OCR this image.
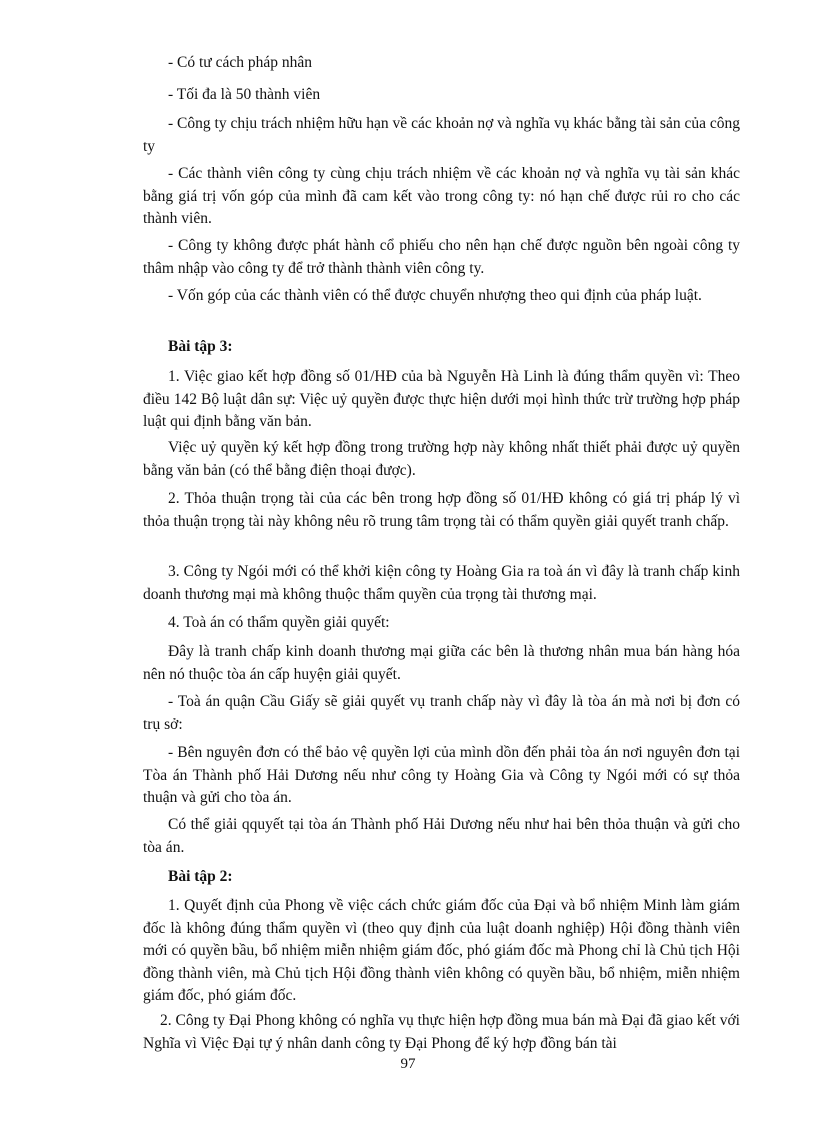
- Có tư cách pháp nhân

- Tối đa là 50 thành viên

- Công ty chịu trách nhiệm hữu hạn về các khoản nợ và nghĩa vụ khác bằng tài sản của công ty

- Các thành viên công ty cùng chịu trách nhiệm về các khoản nợ và nghĩa vụ tài sản khác bằng giá trị vốn góp của mình đã cam kết vào trong công ty: nó hạn chế được rủi ro cho các thành viên.

- Công ty không được phát hành cổ phiếu cho nên hạn chế được nguồn bên ngoài công ty thâm nhập vào công ty để trở thành thành viên công ty.

- Vốn góp của các thành viên có thể được chuyển nhượng theo qui định của pháp luật.

Bài tập 3:

1. Việc giao kết hợp đồng số 01/HĐ của bà Nguyễn Hà Linh là đúng thẩm quyền vì: Theo điều 142 Bộ luật dân sự: Việc uỷ quyền được thực hiện dưới mọi hình thức trừ trường hợp pháp luật qui định bằng văn bản.

Việc uỷ quyền ký kết hợp đồng trong trường hợp này không nhất thiết phải được uỷ quyền bằng văn bản (có thể bằng điện thoại được).

2. Thỏa thuận trọng tài của các bên trong hợp đồng số 01/HĐ không có giá trị pháp lý vì thỏa thuận trọng tài này không nêu rõ trung tâm trọng tài có thẩm quyền giải quyết tranh chấp.

3. Công ty Ngói mới có thể khởi kiện công ty Hoàng Gia ra toà án vì đây là tranh chấp kinh doanh thương mại mà không thuộc thẩm quyền của trọng tài thương mại.

4. Toà án có thẩm quyền giải quyết:

Đây là tranh chấp kinh doanh thương mại giữa các bên là thương nhân mua bán hàng hóa nên nó thuộc tòa án cấp huyện giải quyết.

- Toà án quận Cầu Giấy sẽ giải quyết vụ tranh chấp này vì đây là tòa án mà nơi bị đơn có trụ sở:

- Bên nguyên đơn có thể bảo vệ quyền lợi của mình dồn đến phải tòa án nơi nguyên đơn tại Tòa án Thành phố Hải Dương nếu như công ty Hoàng Gia và Công ty Ngói mới có sự thỏa thuận và gửi cho tòa án.

Có thể giải qquyết tại tòa án Thành phố Hải Dương nếu như hai bên thỏa thuận và gửi cho tòa án.

Bài tập 2:

1. Quyết định của Phong về việc cách chức giám đốc của Đại và bổ nhiệm Minh làm giám đốc là không đúng thẩm quyền vì (theo quy định của luật doanh nghiệp) Hội đồng thành viên mới có quyền bầu, bổ nhiệm miễn nhiệm giám đốc, phó giám đốc mà Phong chỉ là Chủ tịch Hội đồng thành viên, mà Chủ tịch Hội đồng thành viên không có quyền bầu, bổ nhiệm, miễn nhiệm giám đốc, phó giám đốc.

2. Công ty Đại Phong không có nghĩa vụ thực hiện hợp đồng mua bán mà Đại đã giao kết với Nghĩa vì Việc Đại tự ý nhân danh công ty Đại Phong để ký hợp đồng bán tài

97
